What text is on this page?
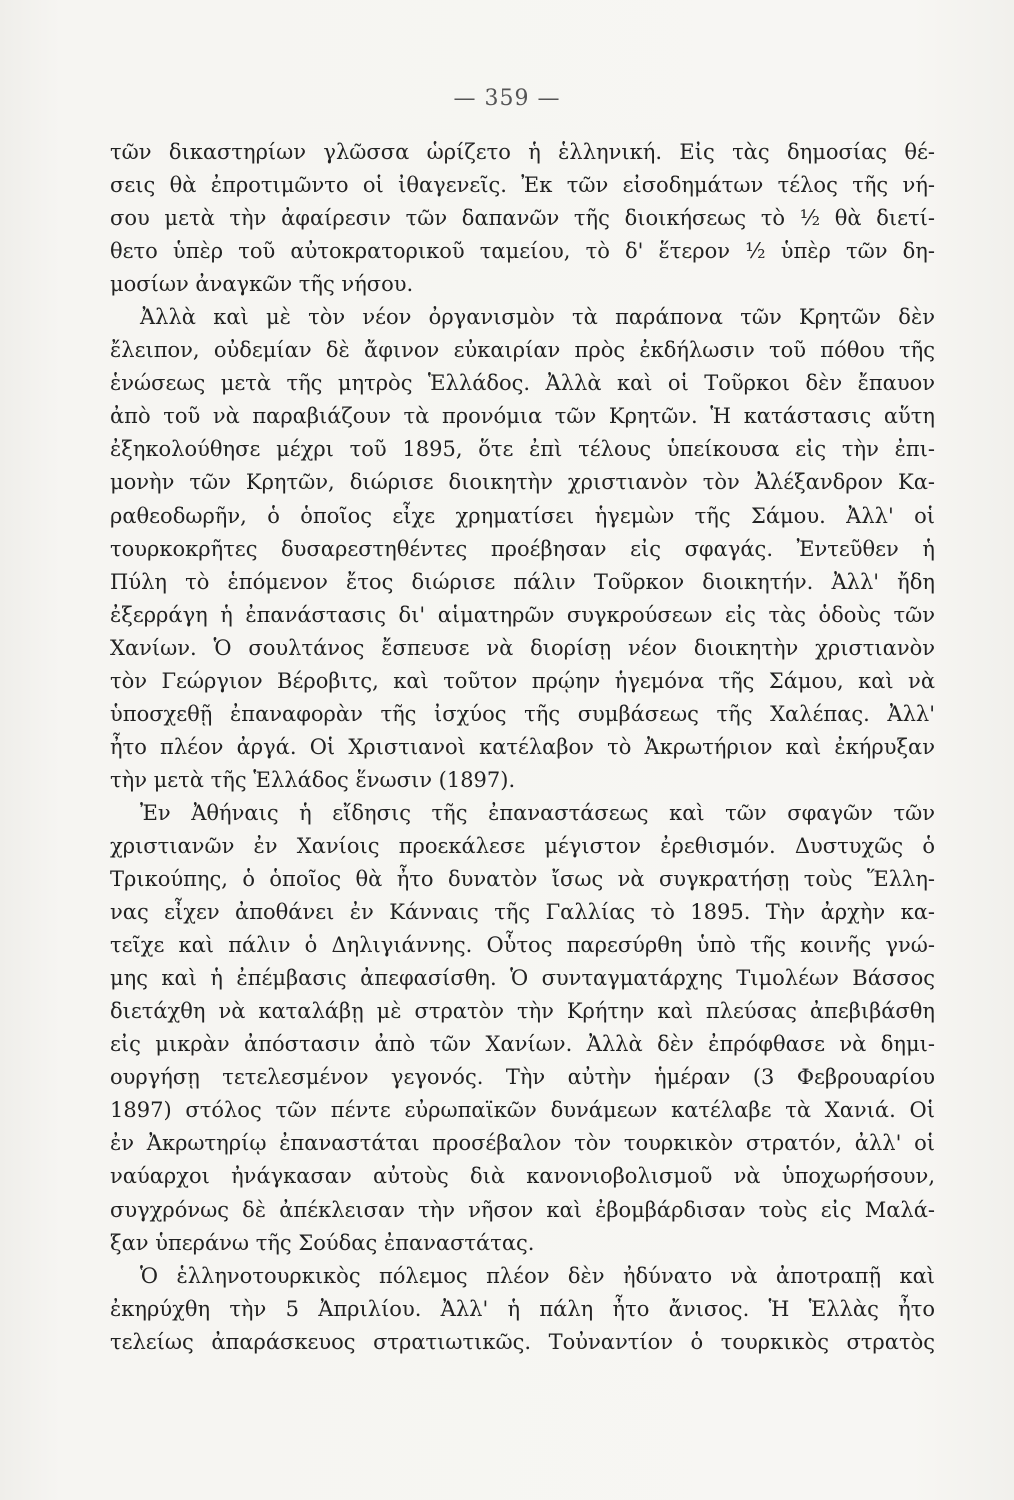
— 359 —
τῶν δικαστηρίων γλῶσσα ὡρίζετο ἡ ἑλληνική. Εἰς τὰς δημοσίας θέ-
σεις θὰ ἐπροτιμῶντο οἱ ἰθαγενεῖς. Ἐκ τῶν εἰσοδημάτων τέλος τῆς νή-
σου μετὰ τὴν ἀφαίρεσιν τῶν δαπανῶν τῆς διοικήσεως τὸ ½ θὰ διετί-
θετο ὑπὲρ τοῦ αὐτοκρατορικοῦ ταμείου, τὸ δ' ἕτερον ½ ὑπὲρ τῶν δη-
μοσίων ἀναγκῶν τῆς νήσου.
Ἀλλὰ καὶ μὲ τὸν νέον ὀργανισμὸν τὰ παράπονα τῶν Κρητῶν δὲν
ἔλειπον, οὐδεμίαν δὲ ἄφινον εὐκαιρίαν πρὸς ἐκδήλωσιν τοῦ πόθου τῆς
ἑνώσεως μετὰ τῆς μητρὸς Ἑλλάδος. Ἀλλὰ καὶ οἱ Τοῦρκοι δὲν ἔπαυον
ἀπὸ τοῦ νὰ παραβιάζουν τὰ προνόμια τῶν Κρητῶν. Ἡ κατάστασις αὕτη
ἐξηκολούθησε μέχρι τοῦ 1895, ὅτε ἐπὶ τέλους ὑπείκουσα εἰς τὴν ἐπι-
μονὴν τῶν Κρητῶν, διώρισε διοικητὴν χριστιανὸν τὸν Ἀλέξανδρον Κα-
ραθεοδωρῆν, ὁ ὁποῖος εἶχε χρηματίσει ἡγεμὼν τῆς Σάμου. Ἀλλ' οἱ
τουρκοκρῆτες δυσαρεστηθέντες προέβησαν εἰς σφαγάς. Ἐντεῦθεν ἡ
Πύλη τὸ ἑπόμενον ἔτος διώρισε πάλιν Τοῦρκον διοικητήν. Ἀλλ' ἤδη
ἐξερράγη ἡ ἐπανάστασις δι' αἱματηρῶν συγκρούσεων εἰς τὰς ὁδοὺς τῶν
Χανίων. Ὁ σουλτάνος ἔσπευσε νὰ διορίσῃ νέον διοικητὴν χριστιανὸν
τὸν Γεώργιον Βέροβιτς, καὶ τοῦτον πρῴην ἡγεμόνα τῆς Σάμου, καὶ νὰ
ὑποσχεθῇ ἐπαναφορὰν τῆς ἰσχύος τῆς συμβάσεως τῆς Χαλέπας. Ἀλλ'
ἦτο πλέον ἀργά. Οἱ Χριστιανοὶ κατέλαβον τὸ Ἀκρωτήριον καὶ ἐκήρυξαν
τὴν μετὰ τῆς Ἑλλάδος ἕνωσιν (1897).
Ἐν Ἀθήναις ἡ εἴδησις τῆς ἐπαναστάσεως καὶ τῶν σφαγῶν τῶν
χριστιανῶν ἐν Χανίοις προεκάλεσε μέγιστον ἐρεθισμόν. Δυστυχῶς ὁ
Τρικούπης, ὁ ὁποῖος θὰ ἦτο δυνατὸν ἴσως νὰ συγκρατήσῃ τοὺς Ἕλλη-
νας εἶχεν ἀποθάνει ἐν Κάνναις τῆς Γαλλίας τὸ 1895. Τὴν ἀρχὴν κα-
τεῖχε καὶ πάλιν ὁ Δηλιγιάννης. Οὗτος παρεσύρθη ὑπὸ τῆς κοινῆς γνώ-
μης καὶ ἡ ἐπέμβασις ἀπεφασίσθη. Ὁ συνταγματάρχης Τιμολέων Βάσσος
διετάχθη νὰ καταλάβῃ μὲ στρατὸν τὴν Κρήτην καὶ πλεύσας ἀπεβιβάσθη
εἰς μικρὰν ἀπόστασιν ἀπὸ τῶν Χανίων. Ἀλλὰ δὲν ἐπρόφθασε νὰ δημι-
ουργήσῃ τετελεσμένον γεγονός. Τὴν αὐτὴν ἡμέραν (3 Φεβρουαρίου
1897) στόλος τῶν πέντε εὐρωπαϊκῶν δυνάμεων κατέλαβε τὰ Χανιά. Οἱ
ἐν Ἀκρωτηρίῳ ἐπαναστάται προσέβαλον τὸν τουρκικὸν στρατόν, ἀλλ' οἱ
ναύαρχοι ἠνάγκασαν αὐτοὺς διὰ κανονιοβολισμοῦ νὰ ὑποχωρήσουν,
συγχρόνως δὲ ἀπέκλεισαν τὴν νῆσον καὶ ἐβομβάρδισαν τοὺς εἰς Μαλά-
ξαν ὑπεράνω τῆς Σούδας ἐπαναστάτας.
Ὁ ἑλληνοτουρκικὸς πόλεμος πλέον δὲν ἠδύνατο νὰ ἀποτραπῇ καὶ
ἐκηρύχθη τὴν 5 Ἀπριλίου. Ἀλλ' ἡ πάλη ἦτο ἄνισος. Ἡ Ἑλλὰς ἦτο
τελείως ἀπαράσκευος στρατιωτικῶς. Τοὐναντίον ὁ τουρκικὸς στρατὸς
